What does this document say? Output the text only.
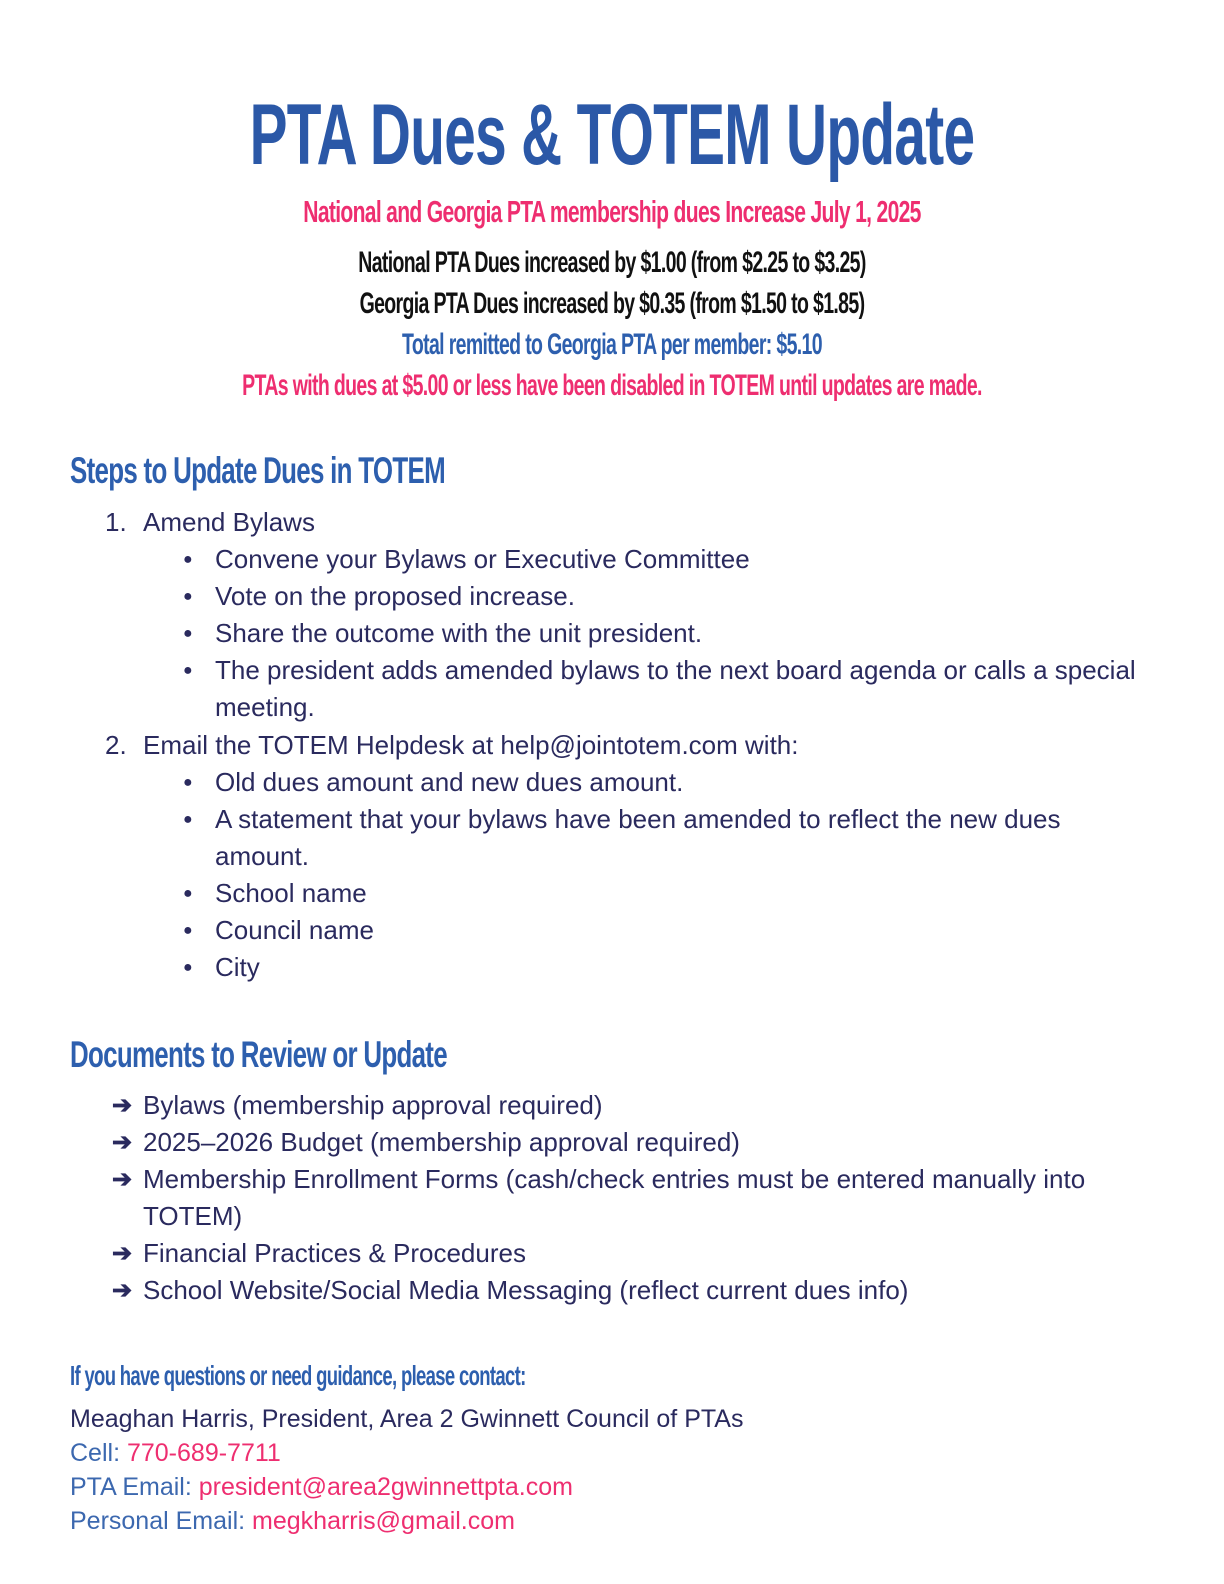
PTA Dues & TOTEM Update
National and Georgia PTA membership dues Increase July 1, 2025
National PTA Dues increased by $1.00 (from $2.25 to $3.25)
Georgia PTA Dues increased by $0.35 (from $1.50 to $1.85)
Total remitted to Georgia PTA per member: $5.10
PTAs with dues at $5.00 or less have been disabled in TOTEM until updates are made.
Steps to Update Dues in TOTEM
1. Amend Bylaws
● Convene your Bylaws or Executive Committee
● Vote on the proposed increase.
● Share the outcome with the unit president.
● The president adds amended bylaws to the next board agenda or calls a special meeting.
2. Email the TOTEM Helpdesk at help@jointotem.com with:
● Old dues amount and new dues amount.
● A statement that your bylaws have been amended to reflect the new dues amount.
● School name
● Council name
● City
Documents to Review or Update
➔ Bylaws (membership approval required)
➔ 2025–2026 Budget (membership approval required)
➔ Membership Enrollment Forms (cash/check entries must be entered manually into TOTEM)
➔ Financial Practices & Procedures
➔ School Website/Social Media Messaging (reflect current dues info)
If you have questions or need guidance, please contact:
Meaghan Harris, President, Area 2 Gwinnett Council of PTAs
Cell: 770-689-7711
PTA Email: president@area2gwinnettpta.com
Personal Email: megkharris@gmail.com
